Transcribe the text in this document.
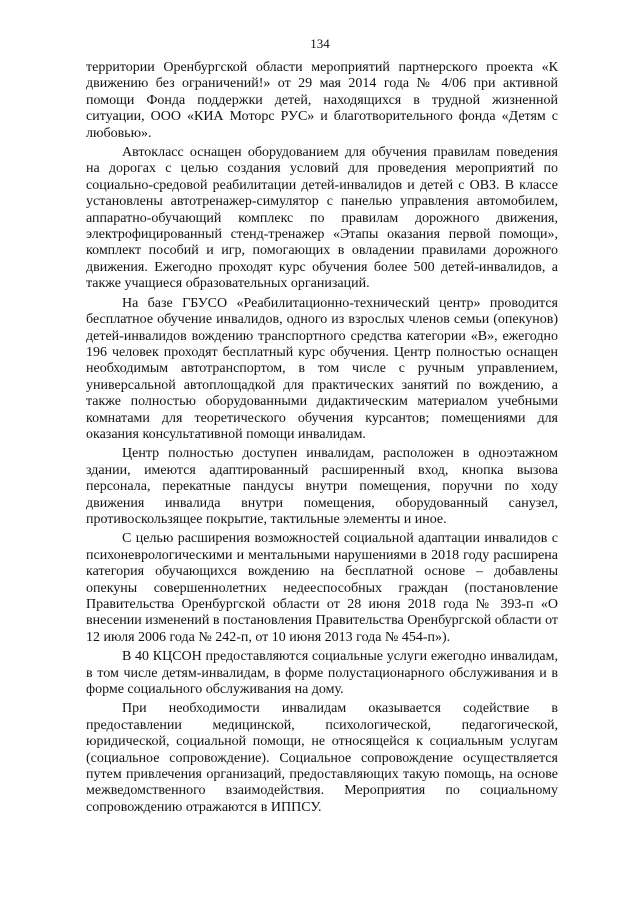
134

территории Оренбургской области мероприятий партнерского проекта «К движению без ограничений!» от 29 мая 2014 года № 4/06 при активной помощи Фонда поддержки детей, находящихся в трудной жизненной ситуации, ООО «КИА Моторс РУС» и благотворительного фонда «Детям с любовью».

Автокласс оснащен оборудованием для обучения правилам поведения на дорогах с целью создания условий для проведения мероприятий по социально-средовой реабилитации детей-инвалидов и детей с ОВЗ. В классе установлены автотренажер-симулятор с панелью управления автомобилем, аппаратно-обучающий комплекс по правилам дорожного движения, электрофицированный стенд-тренажер «Этапы оказания первой помощи», комплект пособий и игр, помогающих в овладении правилами дорожного движения. Ежегодно проходят курс обучения более 500 детей-инвалидов, а также учащиеся образовательных организаций.

На базе ГБУСО «Реабилитационно-технический центр» проводится бесплатное обучение инвалидов, одного из взрослых членов семьи (опекунов) детей-инвалидов вождению транспортного средства категории «В», ежегодно 196 человек проходят бесплатный курс обучения. Центр полностью оснащен необходимым автотранспортом, в том числе с ручным управлением, универсальной автоплощадкой для практических занятий по вождению, а также полностью оборудованными дидактическим материалом учебными комнатами для теоретического обучения курсантов; помещениями для оказания консультативной помощи инвалидам.

Центр полностью доступен инвалидам, расположен в одноэтажном здании, имеются адаптированный расширенный вход, кнопка вызова персонала, перекатные пандусы внутри помещения, поручни по ходу движения инвалида внутри помещения, оборудованный санузел, противоскользящее покрытие, тактильные элементы и иное.

С целью расширения возможностей социальной адаптации инвалидов с психоневрологическими и ментальными нарушениями в 2018 году расширена категория обучающихся вождению на бесплатной основе – добавлены опекуны совершеннолетних недееспособных граждан (постановление Правительства Оренбургской области от 28 июня 2018 года № 393-п «О внесении изменений в постановления Правительства Оренбургской области от 12 июля 2006 года № 242-п, от 10 июня 2013 года № 454-п»).

В 40 КЦСОН предоставляются социальные услуги ежегодно инвалидам, в том числе детям-инвалидам, в форме полустационарного обслуживания и в форме социального обслуживания на дому.

При необходимости инвалидам оказывается содействие в предоставлении медицинской, психологической, педагогической, юридической, социальной помощи, не относящейся к социальным услугам (социальное сопровождение). Социальное сопровождение осуществляется путем привлечения организаций, предоставляющих такую помощь, на основе межведомственного взаимодействия. Мероприятия по социальному сопровождению отражаются в ИППСУ.
